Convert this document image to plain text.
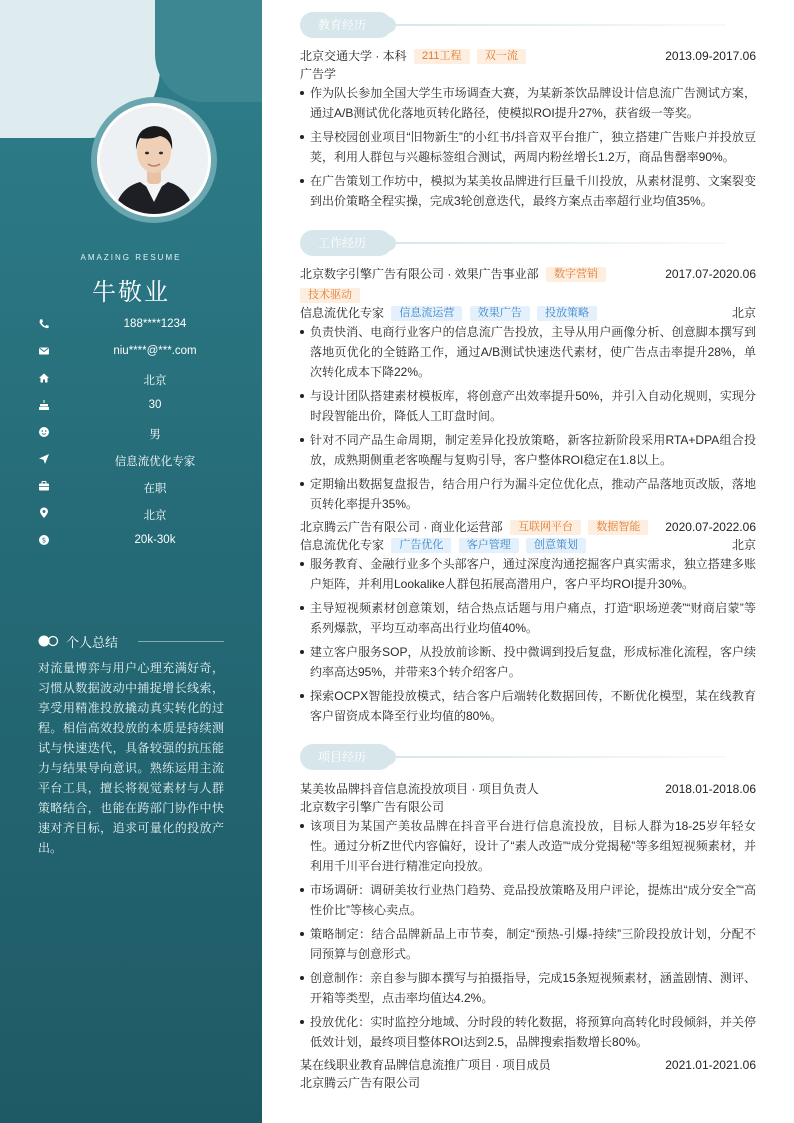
AMAZING RESUME
牛敬业
188****1234
niu****@***.com
北京
30
男
信息流优化专家
在职
北京
$	20k-30k
个人总结
对流量博弈与用户心理充满好奇，习惯从数据波动中捕捉增长线索，享受用精准投放撬动真实转化的过程。相信高效投放的本质是持续测试与快速迭代，具备较强的抗压能力与结果导向意识。熟练运用主流平台工具，擅长将视觉素材与人群策略结合，也能在跨部门协作中快速对齐目标，追求可量化的投放产出。
教育经历
北京交通大学 · 本科 211工程 双一流	2013.09-2017.06
广告学
作为队长参加全国大学生市场调查大赛，为某新茶饮品牌设计信息流广告测试方案，通过A/B测试优化落地页转化路径，使模拟ROI提升27%，获省级一等奖。
主导校园创业项目“旧物新生”的小红书/抖音双平台推广，独立搭建广告账户并投放豆荚，利用人群包与兴趣标签组合测试，两周内粉丝增长1.2万，商品售罄率90%。
在广告策划工作坊中，模拟为某美妆品牌进行巨量千川投放，从素材混剪、文案裂变到出价策略全程实操，完成3轮创意迭代，最终方案点击率超行业均值35%。
工作经历
北京数字引擎广告有限公司 · 效果广告事业部 数字营销	2017.07-2020.06
技术驱动
信息流优化专家 信息流运营 效果广告 投放策略	北京
负责快消、电商行业客户的信息流广告投放，主导从用户画像分析、创意脚本撰写到落地页优化的全链路工作，通过A/B测试快速迭代素材，使广告点击率提升28%，单次转化成本下降22%。
与设计团队搭建素材模板库，将创意产出效率提升50%，并引入自动化规则，实现分时段智能出价，降低人工盯盘时间。
针对不同产品生命周期，制定差异化投放策略，新客拉新阶段采用RTA+DPA组合投放，成熟期侧重老客唤醒与复购引导，客户整体ROI稳定在1.8以上。
定期输出数据复盘报告，结合用户行为漏斗定位优化点，推动产品落地页改版，落地页转化率提升35%。
北京腾云广告有限公司 · 商业化运营部 互联网平台 数据智能	2020.07-2022.06
信息流优化专家 广告优化 客户管理 创意策划	北京
服务教育、金融行业多个头部客户，通过深度沟通挖掘客户真实需求，独立搭建多账户矩阵，并利用Lookalike人群包拓展高潜用户，客户平均ROI提升30%。
主导短视频素材创意策划，结合热点话题与用户痛点，打造“职场逆袭”“财商启蒙”等系列爆款，平均互动率高出行业均值40%。
建立客户服务SOP，从投放前诊断、投中微调到投后复盘，形成标准化流程，客户续约率高达95%，并带来3个转介绍客户。
探索OCPX智能投放模式，结合客户后端转化数据回传，不断优化模型，某在线教育客户留资成本降至行业均值的80%。
项目经历
某美妆品牌抖音信息流投放项目 · 项目负责人	2018.01-2018.06
北京数字引擎广告有限公司
该项目为某国产美妆品牌在抖音平台进行信息流投放，目标人群为18-25岁年轻女性。通过分析Z世代内容偏好，设计了“素人改造”“成分党揭秘”等多组短视频素材，并利用千川平台进行精准定向投放。
市场调研：调研美妆行业热门趋势、竞品投放策略及用户评论，提炼出“成分安全”“高性价比”等核心卖点。
策略制定：结合品牌新品上市节奏，制定“预热-引爆-持续”三阶段投放计划，分配不同预算与创意形式。
创意制作：亲自参与脚本撰写与拍摄指导，完成15条短视频素材，涵盖剧情、测评、开箱等类型，点击率均值达4.2%。
投放优化：实时监控分地域、分时段的转化数据，将预算向高转化时段倾斜，并关停低效计划，最终项目整体ROI达到2.5，品牌搜索指数增长80%。
某在线职业教育品牌信息流推广项目 · 项目成员	2021.01-2021.06
北京腾云广告有限公司
